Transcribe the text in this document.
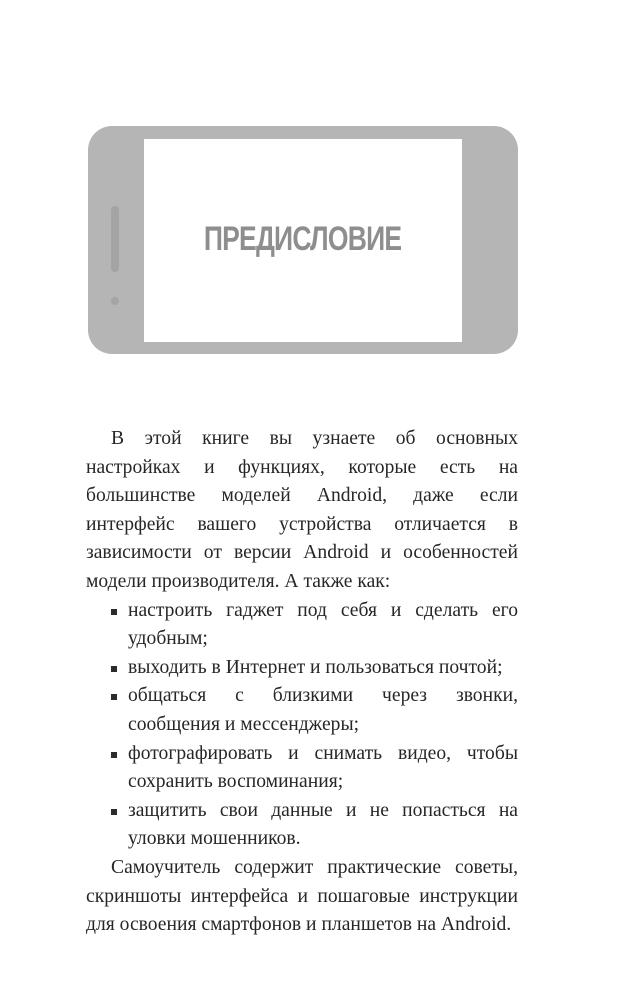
ПРЕДИСЛОВИЕ

В этой книге вы узнаете об основных настройках и функциях, которые есть на большинстве моделей Android, даже если интерфейс вашего устройства отличается в зависимости от версии Android и особенностей модели производителя. А также как:

настроить гаджет под себя и сделать его удобным;
выходить в Интернет и пользоваться почтой;
общаться с близкими через звонки, сообщения и мессенджеры;
фотографировать и снимать видео, чтобы сохранить воспоминания;
защитить свои данные и не попасться на уловки мошенников.

Самоучитель содержит практические советы, скриншоты интерфейса и пошаговые инструкции для освоения смартфонов и планшетов на Android.
